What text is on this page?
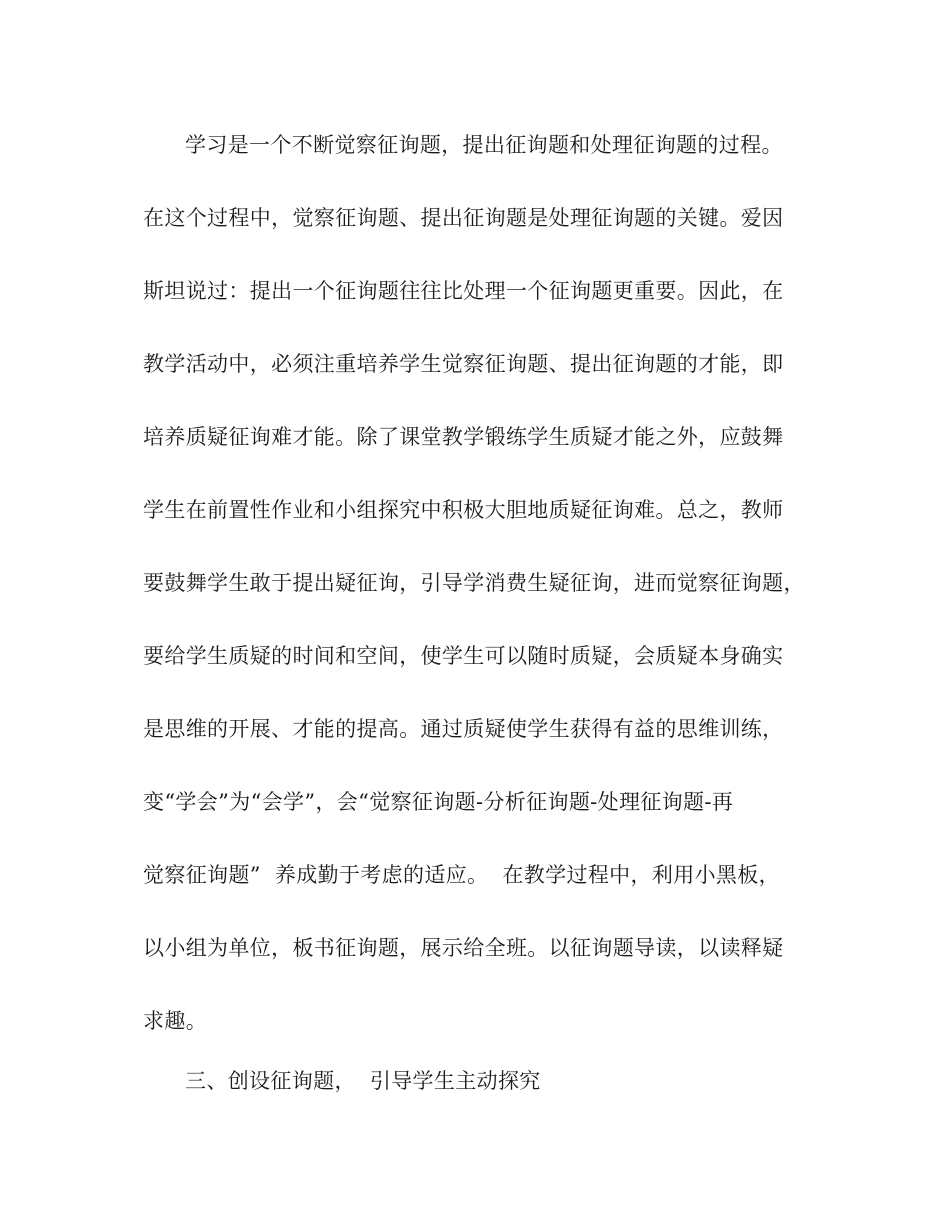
学习是一个不断觉察征询题，提出征询题和处理征询题的过程。
在这个过程中，觉察征询题、提出征询题是处理征询题的关键。爱因
斯坦说过：提出一个征询题往往比处理一个征询题更重要。因此，在
教学活动中，必须注重培养学生觉察征询题、提出征询题的才能，即
培养质疑征询难才能。除了课堂教学锻练学生质疑才能之外，应鼓舞
学生在前置性作业和小组探究中积极大胆地质疑征询难。总之，教师
要鼓舞学生敢于提出疑征询，引导学消费生疑征询，进而觉察征询题，
要给学生质疑的时间和空间，使学生可以随时质疑，会质疑本身确实
是思维的开展、才能的提高。通过质疑使学生获得有益的思维训练，
变“学会”为“会学”，会“觉察征询题-分析征询题-处理征询题-再
觉察征询题”  养成勤于考虑的适应。  在教学过程中，利用小黑板，
以小组为单位，板书征询题，展示给全班。以征询题导读，以读释疑
求趣。
三、创设征询题，  引导学生主动探究
